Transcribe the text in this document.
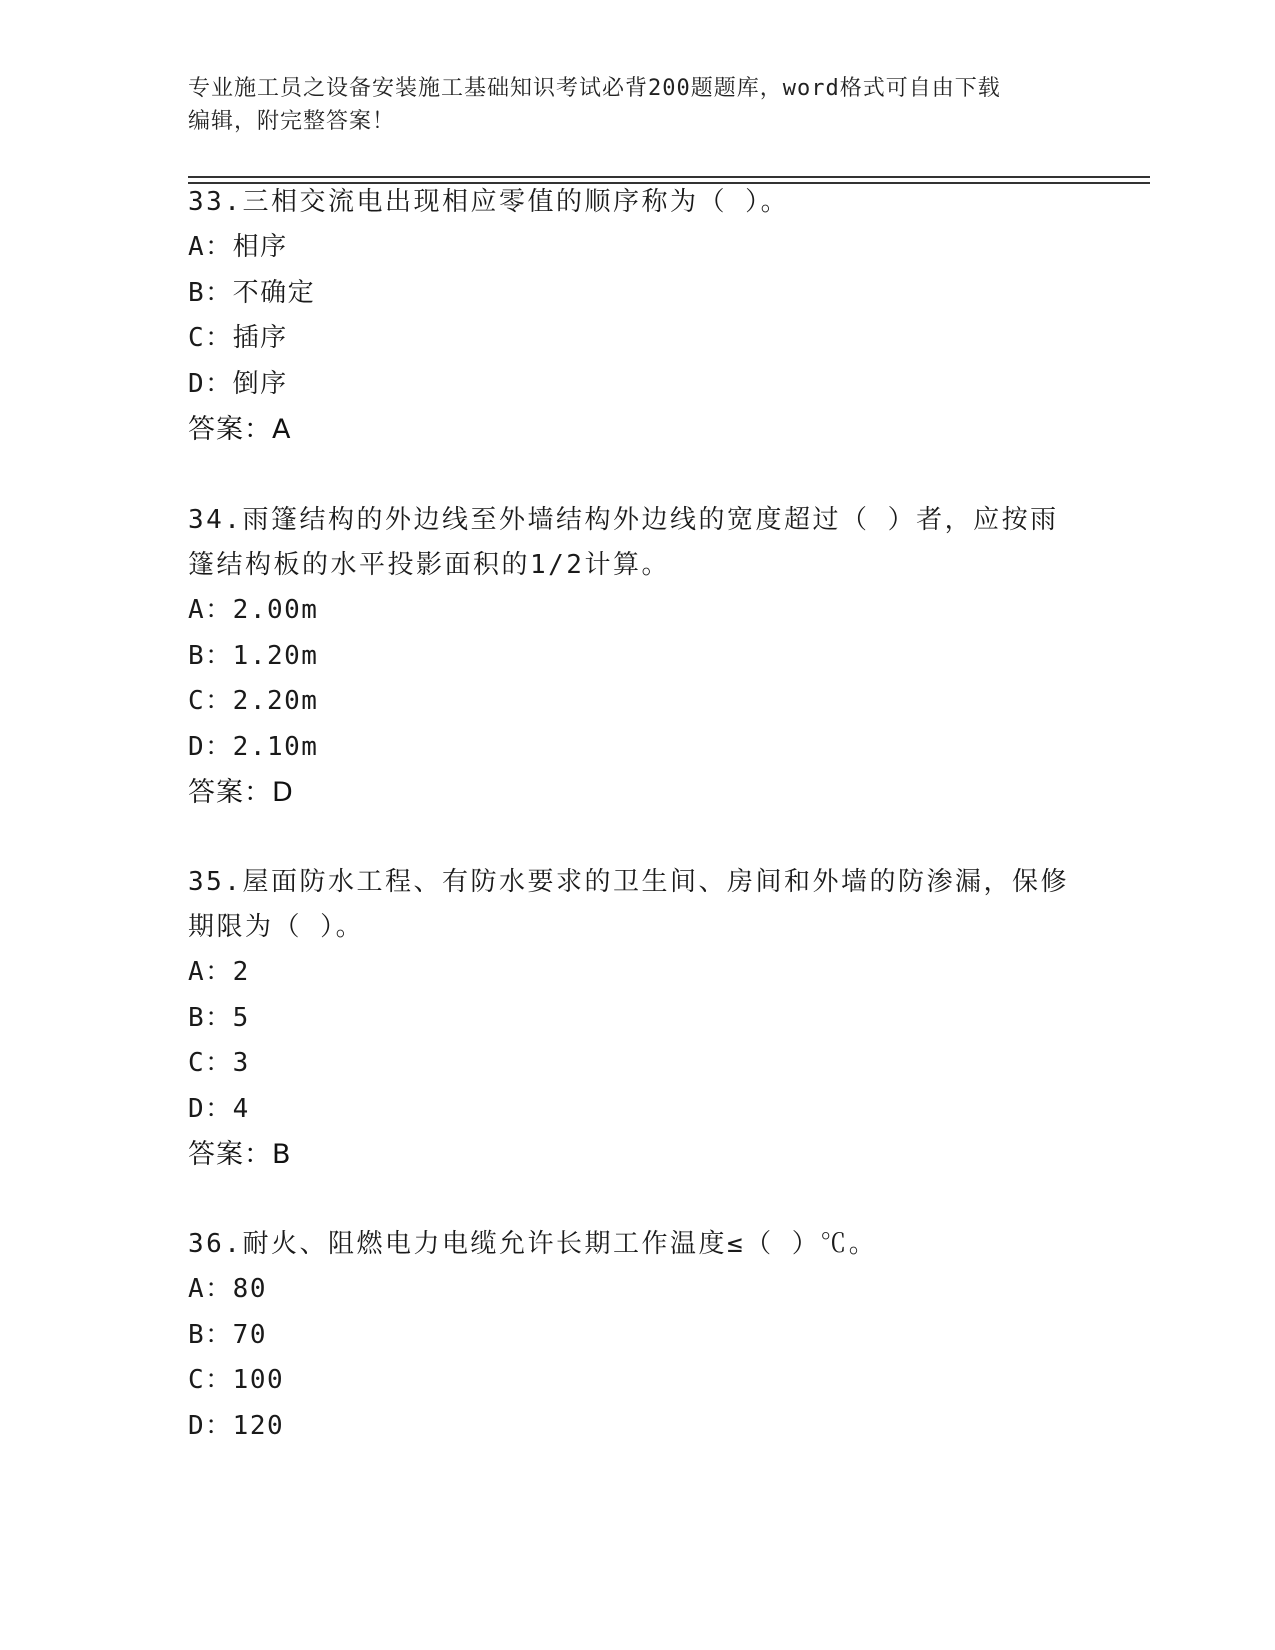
专业施工员之设备安装施工基础知识考试必背200题题库，word格式可自由下载
编辑，附完整答案！

33.三相交流电出现相应零值的顺序称为（ ）。

A：相序

B：不确定

C：插序

D：倒序

答案：A

34.雨篷结构的外边线至外墙结构外边线的宽度超过（ ）者，应按雨

篷结构板的水平投影面积的1/2计算。

A：2.00m

B：1.20m

C：2.20m

D：2.10m

答案：D

35.屋面防水工程、有防水要求的卫生间、房间和外墙的防渗漏，保修

期限为（ ）。

A：2

B：5

C：3

D：4

答案：B

36.耐火、阻燃电力电缆允许长期工作温度≤（ ）℃。

A：80

B：70

C：100

D：120
